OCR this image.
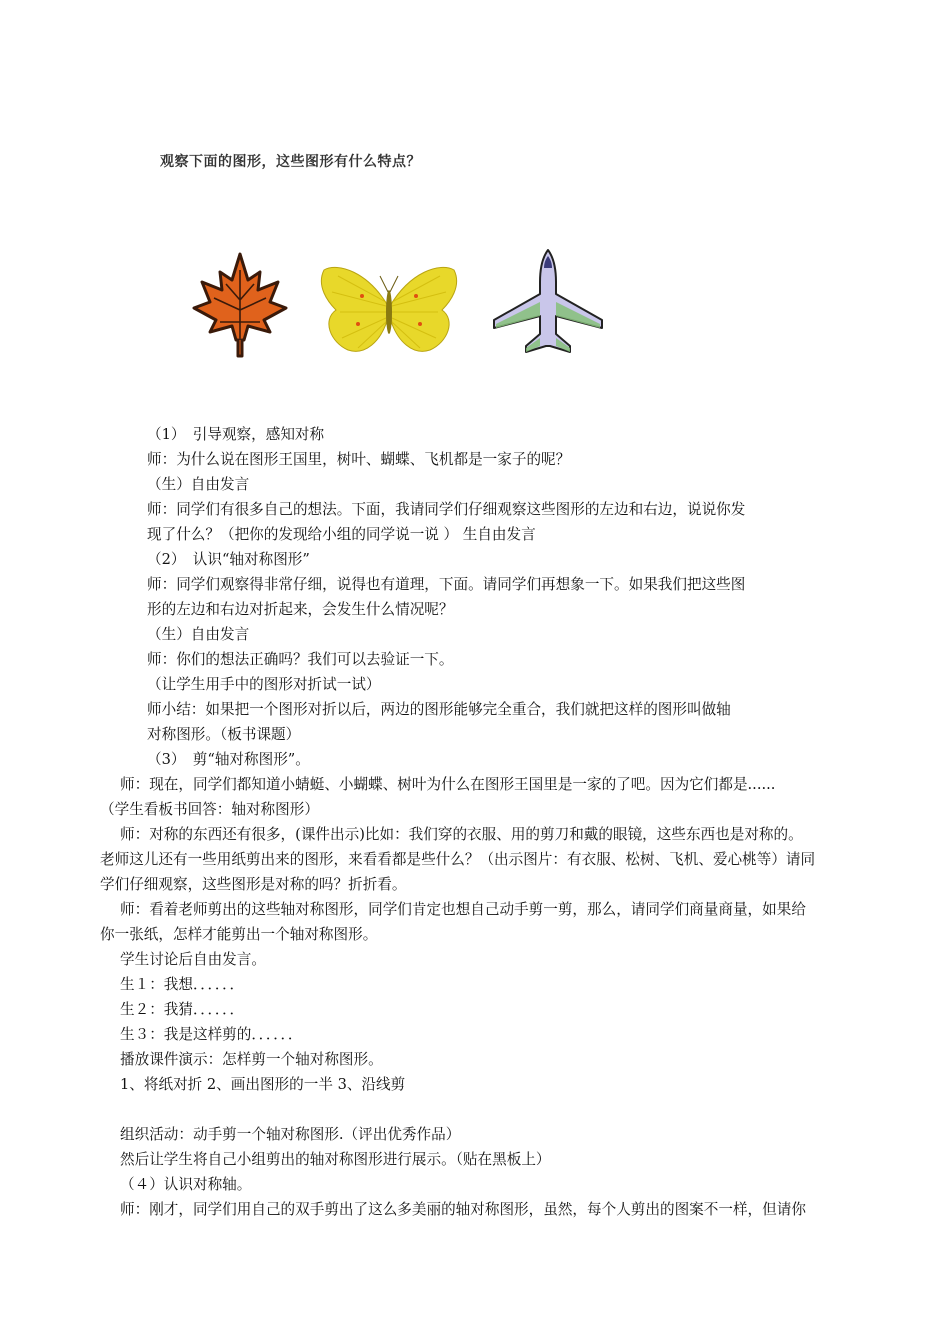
观察下面的图形，这些图形有什么特点？
（1）　引导观察，感知对称
师：为什么说在图形王国里，树叶、蝴蝶、飞机都是一家子的呢？
（生）自由发言
师：同学们有很多自己的想法。下面，我请同学们仔细观察这些图形的左边和右边，说说你发
现了什么？（把你的发现给小组的同学说一说 ） 生自由发言
（2）　认识“轴对称图形”
师：同学们观察得非常仔细，说得也有道理，下面。请同学们再想象一下。如果我们把这些图
形的左边和右边对折起来，会发生什么情况呢？
（生）自由发言
师：你们的想法正确吗？我们可以去验证一下。
（让学生用手中的图形对折试一试）
师小结：如果把一个图形对折以后，两边的图形能够完全重合，我们就把这样的图形叫做轴
对称图形。（板书课题）
（3）　剪“轴对称图形”。
师：现在，同学们都知道小蜻蜓、小蝴蝶、树叶为什么在图形王国里是一家的了吧。因为它们都是......
（学生看板书回答：轴对称图形）
师：对称的东西还有很多，(课件出示)比如：我们穿的衣服、用的剪刀和戴的眼镜，这些东西也是对称的。
老师这儿还有一些用纸剪出来的图形，来看看都是些什么？（出示图片：有衣服、松树、飞机、爱心桃等）请同
学们仔细观察，这些图形是对称的吗？折折看。
师：看着老师剪出的这些轴对称图形，同学们肯定也想自己动手剪一剪，那么，请同学们商量商量，如果给
你一张纸，怎样才能剪出一个轴对称图形。
学生讨论后自由发言。
生１：我想．．．．．．
生２：我猜．．．．．．
生３：我是这样剪的．．．．．．
播放课件演示：怎样剪一个轴对称图形。
1、将纸对折 2、画出图形的一半 3、沿线剪
组织活动：动手剪一个轴对称图形.（评出优秀作品）
然后让学生将自己小组剪出的轴对称图形进行展示。（贴在黑板上）
（４）认识对称轴。
师：刚才，同学们用自己的双手剪出了这么多美丽的轴对称图形，虽然，每个人剪出的图案不一样，但请你
